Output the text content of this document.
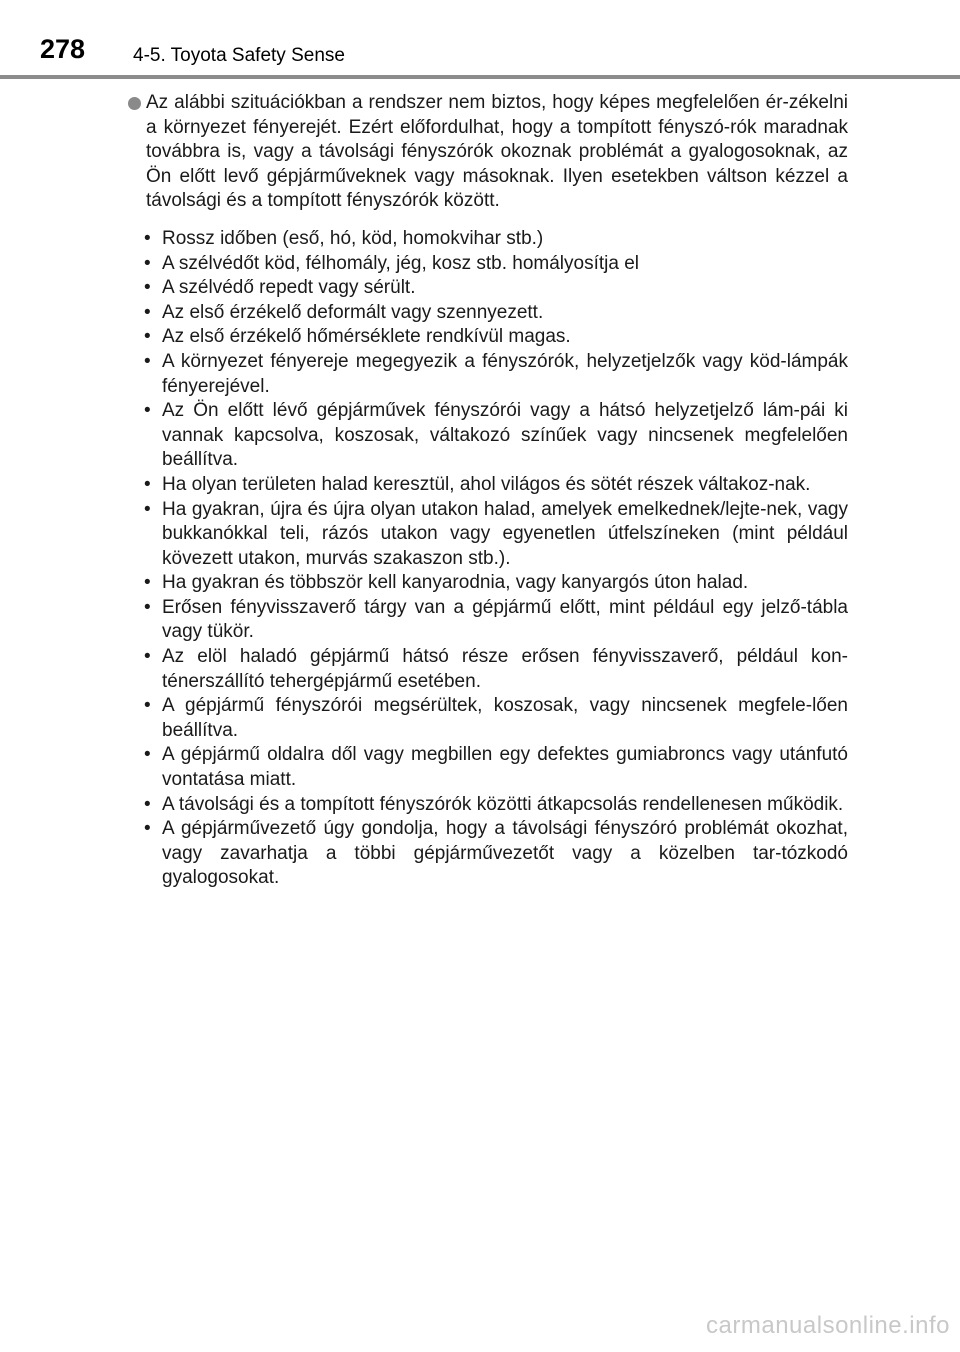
278	4-5. Toyota Safety Sense
Az alábbi szituációkban a rendszer nem biztos, hogy képes megfelelően ér-zékelni a környezet fényerejét. Ezért előfordulhat, hogy a tompított fényszó-rók maradnak továbbra is, vagy a távolsági fényszórók okoznak problémát a gyalogosoknak, az Ön előtt levő gépjárműveknek vagy másoknak. Ilyen esetekben váltson kézzel a távolsági és a tompított fényszórók között.
• Rossz időben (eső, hó, köd, homokvihar stb.)
• A szélvédőt köd, félhomály, jég, kosz stb. homályosítja el
• A szélvédő repedt vagy sérült.
• Az első érzékelő deformált vagy szennyezett.
• Az első érzékelő hőmérséklete rendkívül magas.
• A környezet fényereje megegyezik a fényszórók, helyzetjelzők vagy köd-lámpák fényerejével.
• Az Ön előtt lévő gépjárművek fényszórói vagy a hátsó helyzetjelző lám-pái ki vannak kapcsolva, koszosak, váltakozó színűek vagy nincsenek megfelelően beállítva.
• Ha olyan területen halad keresztül, ahol világos és sötét részek váltakoz-nak.
• Ha gyakran, újra és újra olyan utakon halad, amelyek emelkednek/lejte-nek, vagy bukkanókkal teli, rázós utakon vagy egyenetlen útfelszíneken (mint például kövezett utakon, murvás szakaszon stb.).
• Ha gyakran és többször kell kanyarodnia, vagy kanyargós úton halad.
• Erősen fényvisszaverő tárgy van a gépjármű előtt, mint például egy jelző-tábla vagy tükör.
• Az elöl haladó gépjármű hátsó része erősen fényvisszaverő, például kon-ténerszállító tehergépjármű esetében.
• A gépjármű fényszórói megsérültek, koszosak, vagy nincsenek megfele-lően beállítva.
• A gépjármű oldalra dől vagy megbillen egy defektes gumiabroncs vagy utánfutó vontatása miatt.
• A távolsági és a tompított fényszórók közötti átkapcsolás rendellenesen működik.
• A gépjárművezető úgy gondolja, hogy a távolsági fényszóró problémát okozhat, vagy zavarhatja a többi gépjárművezetőt vagy a közelben tar-tózkodó gyalogosokat.
carmanualsonline.info
